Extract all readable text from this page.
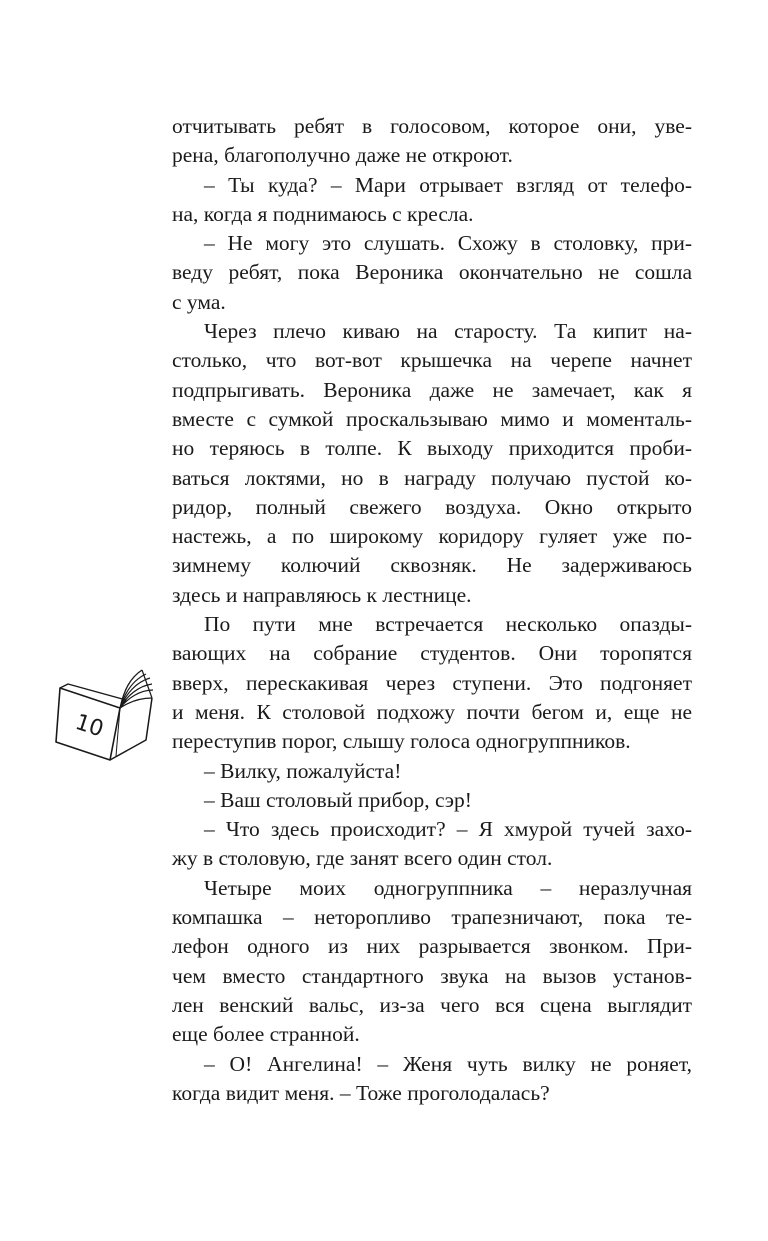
отчитывать ребят в голосовом, которое они, уве-
рена, благополучно даже не откроют.

– Ты куда? – Мари отрывает взгляд от телефо-
на, когда я поднимаюсь с кресла.

– Не могу это слушать. Схожу в столовку, при-
веду ребят, пока Вероника окончательно не сошла
с ума.

Через плечо киваю на старосту. Та кипит на-
столько, что вот-вот крышечка на черепе начнет
подпрыгивать. Вероника даже не замечает, как я
вместе с сумкой проскальзываю мимо и моменталь-
но теряюсь в толпе. К выходу приходится проби-
ваться локтями, но в награду получаю пустой ко-
ридор, полный свежего воздуха. Окно открыто
настежь, а по широкому коридору гуляет уже по-
зимнему колючий сквозняк. Не задерживаюсь
здесь и направляюсь к лестнице.

По пути мне встречается несколько опазды-
вающих на собрание студентов. Они торопятся
вверх, перескакивая через ступени. Это подгоняет
и меня. К столовой подхожу почти бегом и, еще не
переступив порог, слышу голоса одногруппников.

– Вилку, пожалуйста!

– Ваш столовый прибор, сэр!

– Что здесь происходит? – Я хмурой тучей захо-
жу в столовую, где занят всего один стол.

Четыре моих одногруппника – неразлучная
компашка – неторопливо трапезничают, пока те-
лефон одного из них разрывается звонком. При-
чем вместо стандартного звука на вызов установ-
лен венский вальс, из-за чего вся сцена выглядит
еще более странной.

– О! Ангелина! – Женя чуть вилку не роняет,
когда видит меня. – Тоже проголодалась?

10
